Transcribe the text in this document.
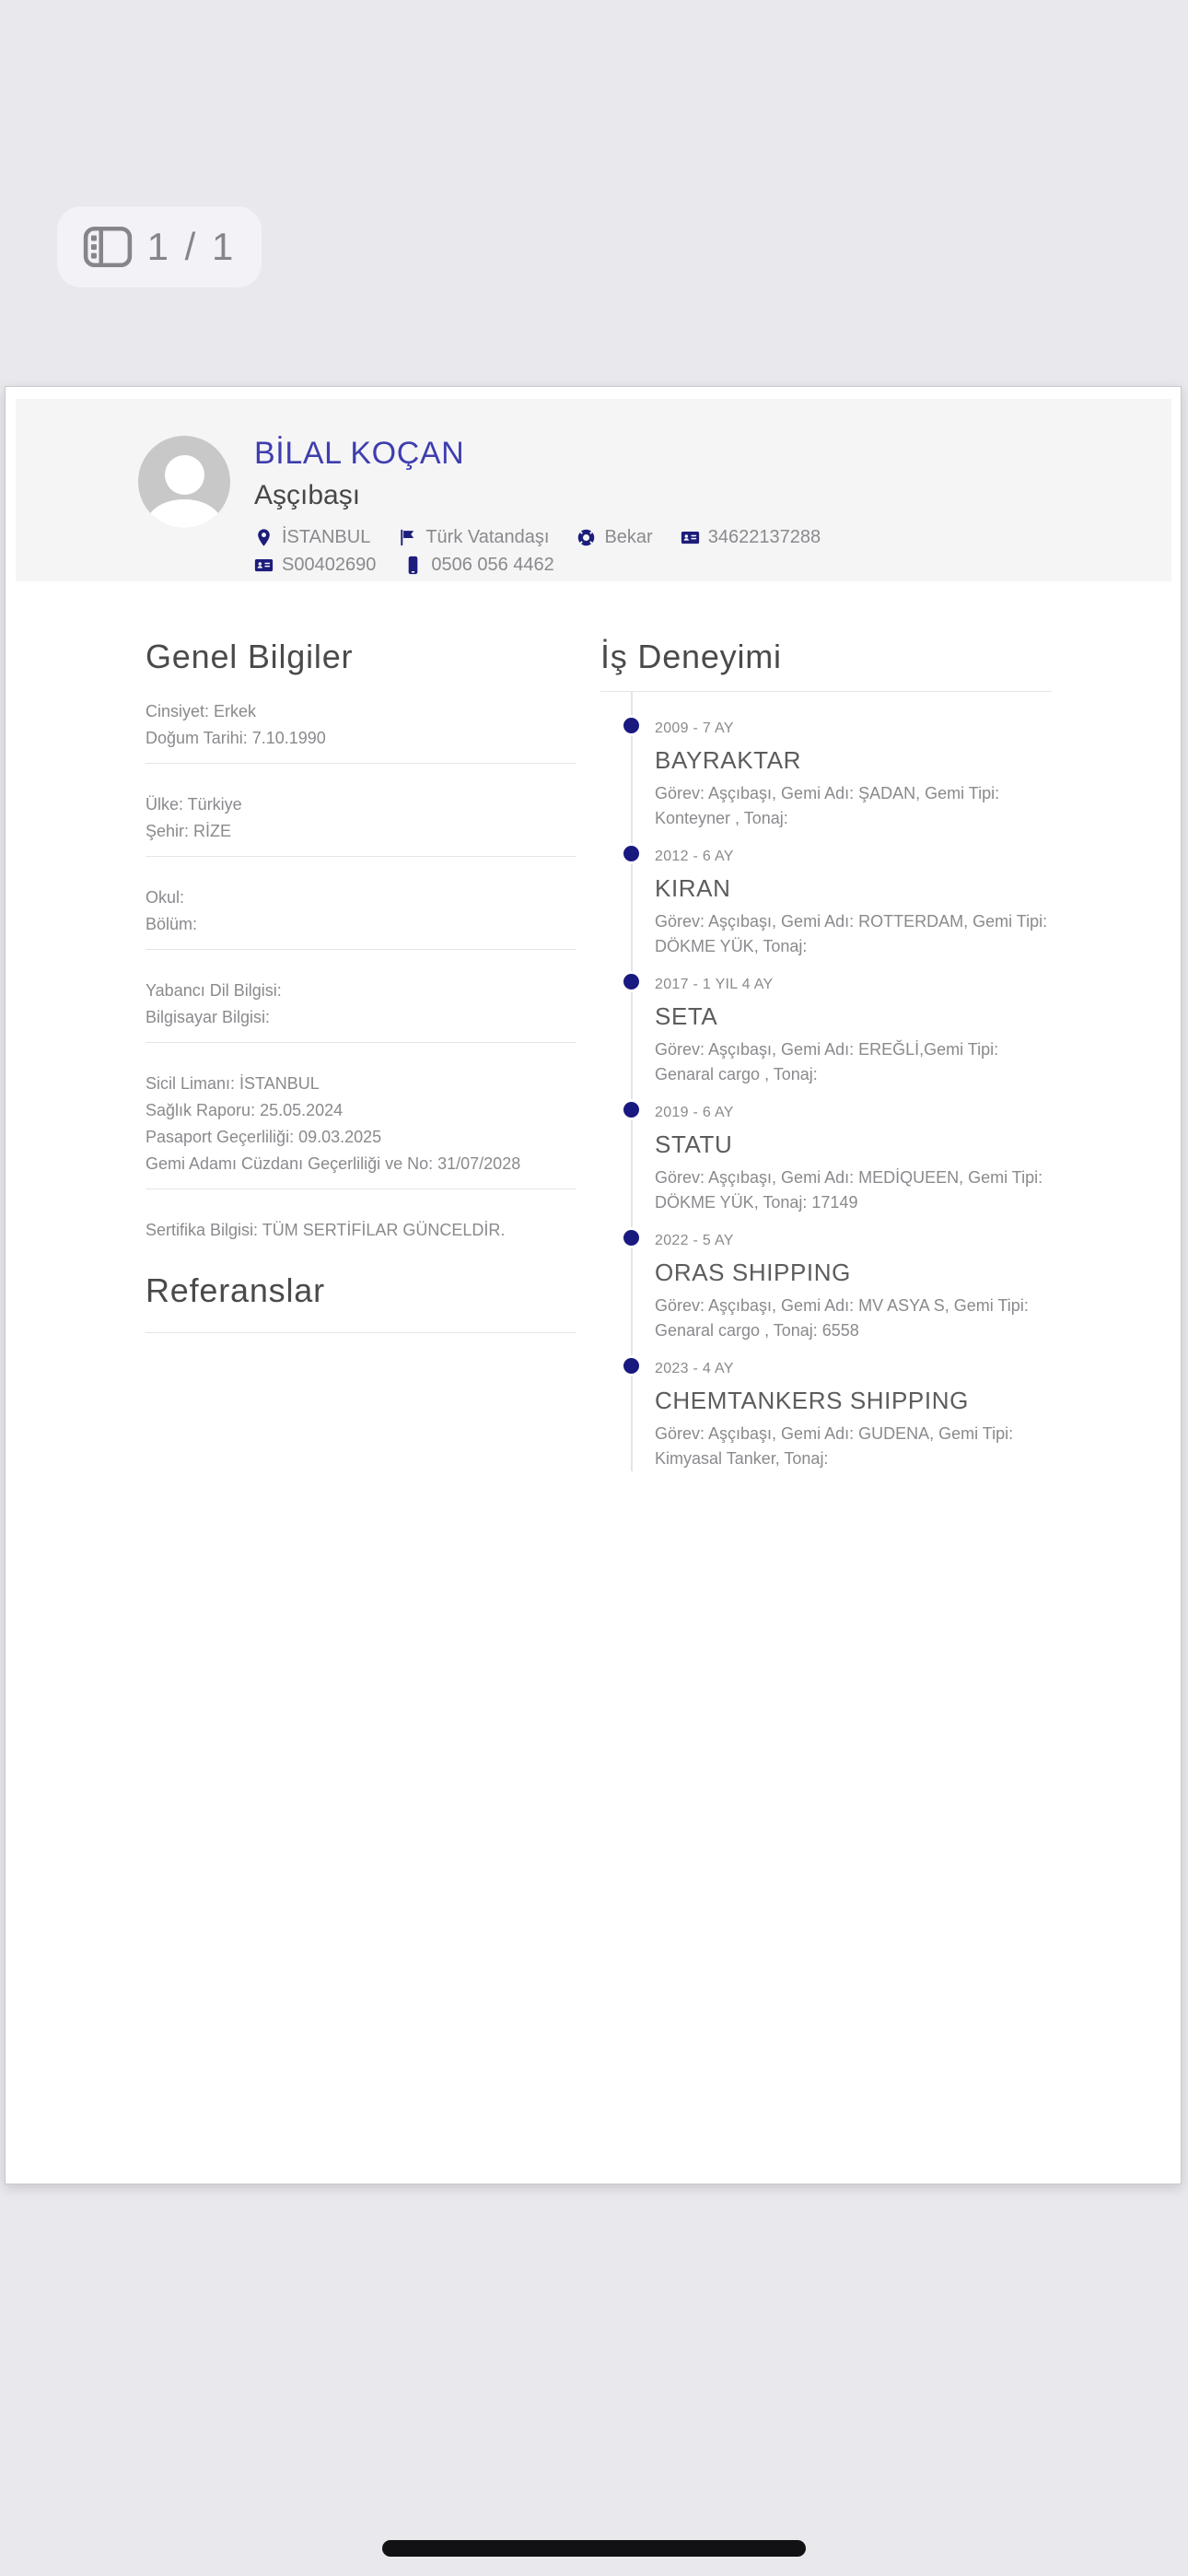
1 / 1
BİLAL KOÇAN
Aşçıbaşı
İSTANBUL	Türk Vatandaşı	Bekar	34622137288
S00402690	0506 056 4462
Genel Bilgiler
Cinsiyet: Erkek
Doğum Tarihi: 7.10.1990
Ülke: Türkiye
Şehir: RİZE
Okul:
Bölüm:
Yabancı Dil Bilgisi:
Bilgisayar Bilgisi:
Sicil Limanı: İSTANBUL
Sağlık Raporu: 25.05.2024
Pasaport Geçerliliği: 09.03.2025
Gemi Adamı Cüzdanı Geçerliliği ve No: 31/07/2028
Sertifika Bilgisi: TÜM SERTİFİLAR GÜNCELDİR.
Referanslar
İş Deneyimi
2009 - 7 AY
BAYRAKTAR
Görev: Aşçıbaşı, Gemi Adı: ŞADAN, Gemi Tipi: Konteyner , Tonaj:
2012 - 6 AY
KIRAN
Görev: Aşçıbaşı, Gemi Adı: ROTTERDAM, Gemi Tipi: DÖKME YÜK, Tonaj:
2017 - 1 YIL 4 AY
SETA
Görev: Aşçıbaşı, Gemi Adı: EREĞLİ,Gemi Tipi: Genaral cargo , Tonaj:
2019 - 6 AY
STATU
Görev: Aşçıbaşı, Gemi Adı: MEDİQUEEN, Gemi Tipi: DÖKME YÜK, Tonaj: 17149
2022 - 5 AY
ORAS SHIPPING
Görev: Aşçıbaşı, Gemi Adı: MV ASYA S, Gemi Tipi: Genaral cargo , Tonaj: 6558
2023 - 4 AY
CHEMTANKERS SHIPPING
Görev: Aşçıbaşı, Gemi Adı: GUDENA, Gemi Tipi: Kimyasal Tanker, Tonaj:
